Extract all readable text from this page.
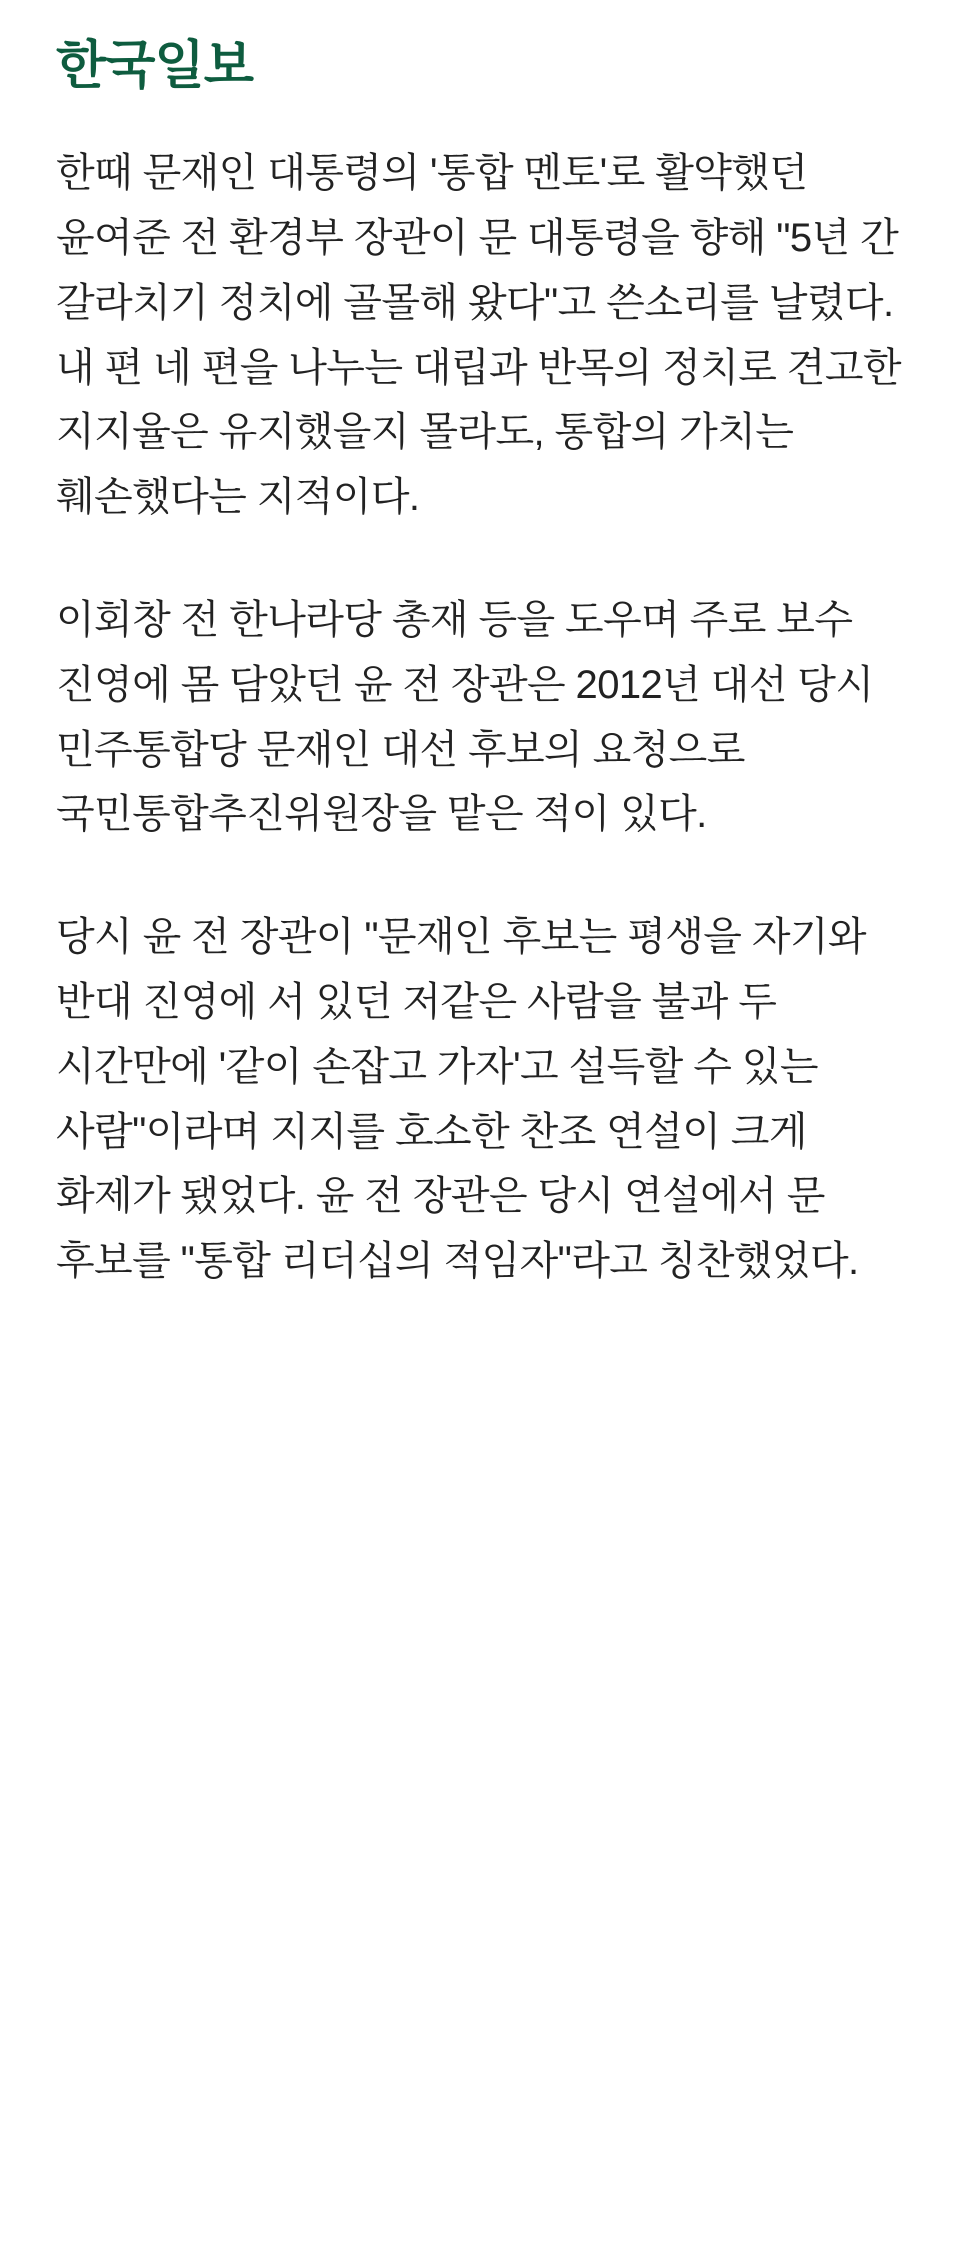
한국일보

한때 문재인 대통령의 '통합 멘토'로 활약했던 윤여준 전 환경부 장관이 문 대통령을 향해 "5년 간 갈라치기 정치에 골몰해 왔다"고 쓴소리를 날렸다. 내 편 네 편을 나누는 대립과 반목의 정치로 견고한 지지율은 유지했을지 몰라도, 통합의 가치는 훼손했다는 지적이다.

이회창 전 한나라당 총재 등을 도우며 주로 보수 진영에 몸 담았던 윤 전 장관은 2012년 대선 당시 민주통합당 문재인 대선 후보의 요청으로 국민통합추진위원장을 맡은 적이 있다.

당시 윤 전 장관이 "문재인 후보는 평생을 자기와 반대 진영에 서 있던 저같은 사람을 불과 두 시간만에 '같이 손잡고 가자'고 설득할 수 있는 사람"이라며 지지를 호소한 찬조 연설이 크게 화제가 됐었다. 윤 전 장관은 당시 연설에서 문 후보를 "통합 리더십의 적임자"라고 칭찬했었다.
